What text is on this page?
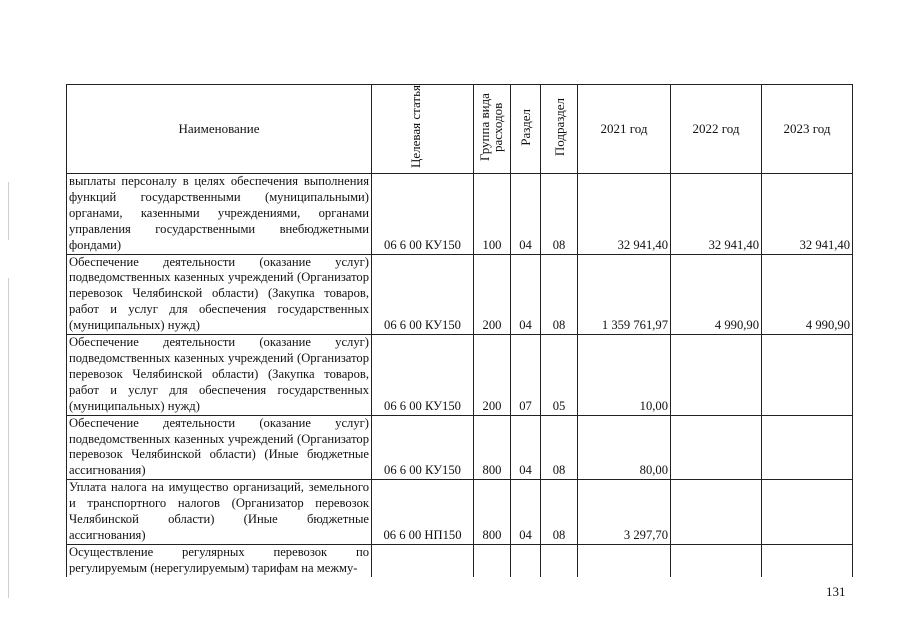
Наименование	Целевая статья	Группа вида расходов	Раздел	Подраздел	2021 год	2022 год	2023 год
выплаты персоналу в целях обеспечения выполнения функций государственными (муниципальными) органами, казенными учреждениями, органами управления государственными внебюджетными фондами)	06 6 00 КУ150	100	04	08	32 941,40	32 941,40	32 941,40
Обеспечение деятельности (оказание услуг) подведомственных казенных учреждений (Организатор перевозок Челябинской области) (Закупка товаров, работ и услуг для обеспечения государственных (муниципальных) нужд)	06 6 00 КУ150	200	04	08	1 359 761,97	4 990,90	4 990,90
Обеспечение деятельности (оказание услуг) подведомственных казенных учреждений (Организатор перевозок Челябинской области) (Закупка товаров, работ и услуг для обеспечения государственных (муниципальных) нужд)	06 6 00 КУ150	200	07	05	10,00		
Обеспечение деятельности (оказание услуг) подведомственных казенных учреждений (Организатор перевозок Челябинской области) (Иные бюджетные ассигнования)	06 6 00 КУ150	800	04	08	80,00		
Уплата налога на имущество организаций, земельного и транспортного налогов (Организатор перевозок Челябинской области) (Иные бюджетные ассигнования)	06 6 00 НП150	800	04	08	3 297,70		
Осуществление регулярных перевозок по регулируемым (нерегулируемым) тарифам на межму-							
131
